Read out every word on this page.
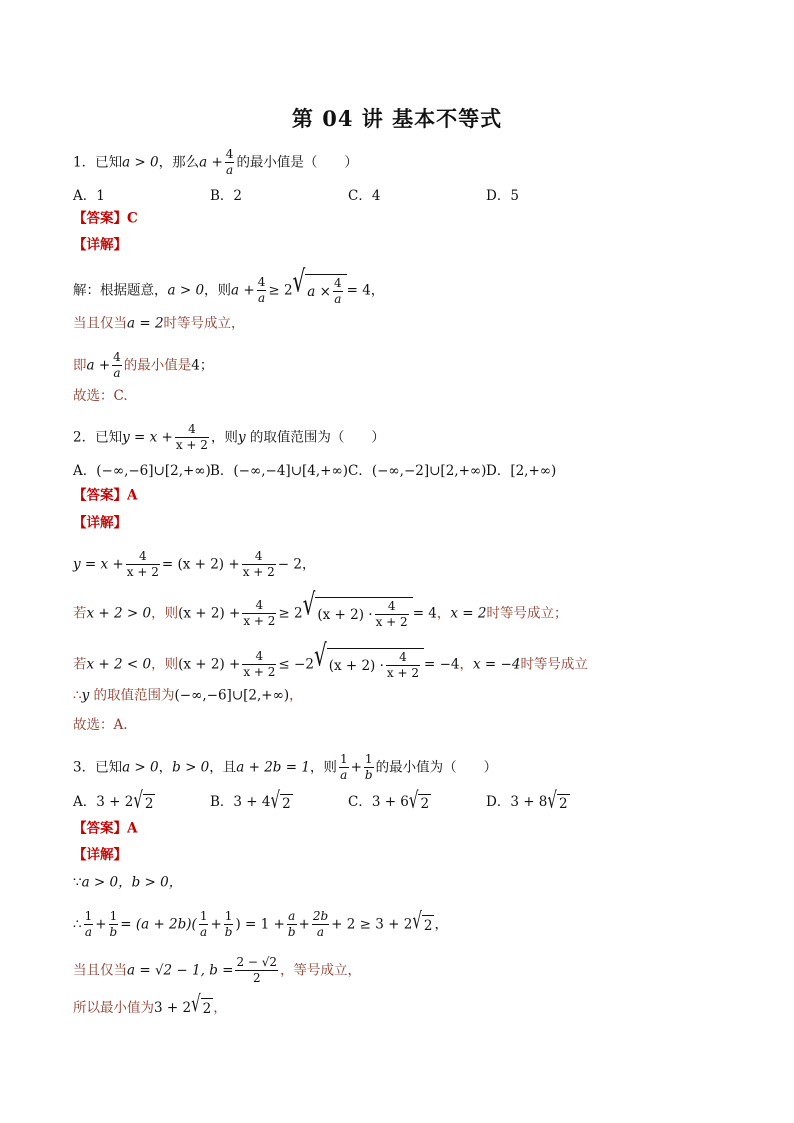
第 04 讲 基本不等式
1．已知a > 0，那么$a + \frac{4}{a}$ 的最小值是（　　）
A．1	B．2	C．4	D．5
【答案】C
【详解】
解：根据题意，a > 0，则$a + \frac{4}{a} \ge 2$ √ $a \times \frac{4}{a} = 4$，
当且仅当a = 2时等号成立，
即$a + \frac{4}{a}$ 的最小值是4；
故选：C.
2．已知$y = x + \frac{4}{x + 2}$ ，则y 的取值范围为（　　）
A．(−∞,−6]∪[2,+∞) B．(−∞,−4]∪[4,+∞) C．(−∞,−2]∪[2,+∞) D．[2,+∞)
【答案】A
【详解】
$y = x + \frac{4}{x + 2} = (x + 2) + \frac{4}{x + 2} - 2$，
若x + 2 > 0，则$(x + 2) + \frac{4}{x + 2} \ge 2$ √ $(x + 2) \cdot \frac{4}{x + 2} = 4$，x = 2时等号成立；
若x + 2 < 0，则$(x + 2) + \frac{4}{x + 2} \le -2$ √ $(x + 2) \cdot \frac{4}{x + 2} = -4$，x = −4时等号成立
∴y 的取值范围为(−∞,−6]∪[2,+∞)，
故选：A.
3．已知a > 0，b > 0，且a + 2b = 1，则 $\frac{1}{a} + \frac{1}{b}$ 的最小值为（　　）
A．3 + 2 √ 2	B．3 + 4 √ 2	C．3 + 6 √ 2	D．3 + 8 √ 2
【答案】A
【详解】
∵a > 0，b > 0，
∴ $\frac{1}{a} + \frac{1}{b} = (a + 2b)( \frac{1}{a} + \frac{1}{b}$ ) = $1 + \frac{a}{b} + \frac{2b}{a} + 2 \ge 3 + 2$ √ 2 ，
当且仅当a = √2 − 1, $b = \frac{2 - √2}{2}$ ，等号成立，
所以最小值为3 + 2 √ 2 ，
